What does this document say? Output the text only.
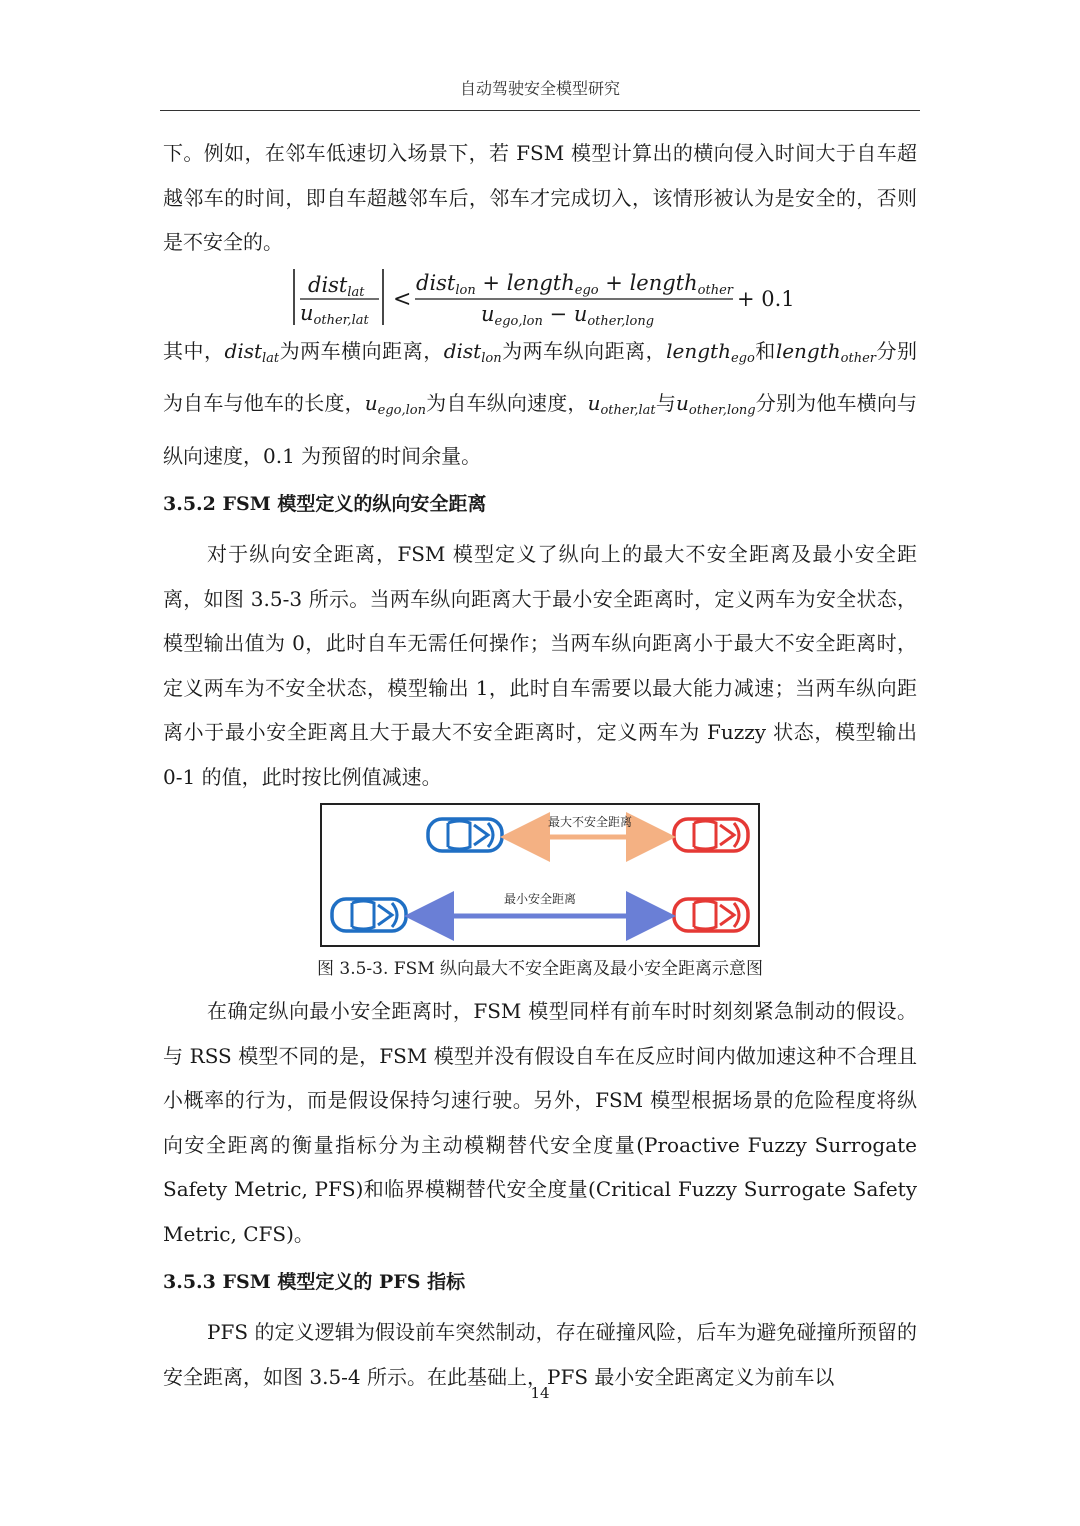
自动驾驶安全模型研究

下。例如，在邻车低速切入场景下，若 FSM 模型计算出的横向侵入时间大于自车超越邻车的时间，即自车超越邻车后，邻车才完成切入，该情形被认为是安全的，否则是不安全的。

distlat
uother,lat
<
distlon + lengthego + lengthother
uego,lon − uother,long
+ 0.1

其中，dist$_{lat}$为两车横向距离，dist$_{lon}$为两车纵向距离，length$_{ego}$和length$_{other}$分别为自车与他车的长度，$u_{ego,lon}$为自车纵向速度，$u_{other,lat}$与$u_{other,long}$分别为他车横向与纵向速度，0.1 为预留的时间余量。

3.5.2 FSM 模型定义的纵向安全距离

对于纵向安全距离，FSM 模型定义了纵向上的最大不安全距离及最小安全距离，如图 3.5-3 所示。当两车纵向距离大于最小安全距离时，定义两车为安全状态，模型输出值为 0，此时自车无需任何操作；当两车纵向距离小于最大不安全距离时，定义两车为不安全状态，模型输出 1，此时自车需要以最大能力减速；当两车纵向距离小于最小安全距离且大于最大不安全距离时，定义两车为 Fuzzy 状态，模型输出 0-1 的值，此时按比例值减速。

最大不安全距离
最小安全距离
图 3.5-3. FSM 纵向最大不安全距离及最小安全距离示意图

在确定纵向最小安全距离时，FSM 模型同样有前车时时刻刻紧急制动的假设。与 RSS 模型不同的是，FSM 模型并没有假设自车在反应时间内做加速这种不合理且小概率的行为，而是假设保持匀速行驶。另外，FSM 模型根据场景的危险程度将纵向安全距离的衡量指标分为主动模糊替代安全度量(Proactive Fuzzy Surrogate Safety Metric, PFS)和临界模糊替代安全度量(Critical Fuzzy Surrogate Safety Metric, CFS)。

3.5.3 FSM 模型定义的 PFS 指标

PFS 的定义逻辑为假设前车突然制动，存在碰撞风险，后车为避免碰撞所预留的安全距离，如图 3.5-4 所示。在此基础上，PFS 最小安全距离定义为前车以

14
